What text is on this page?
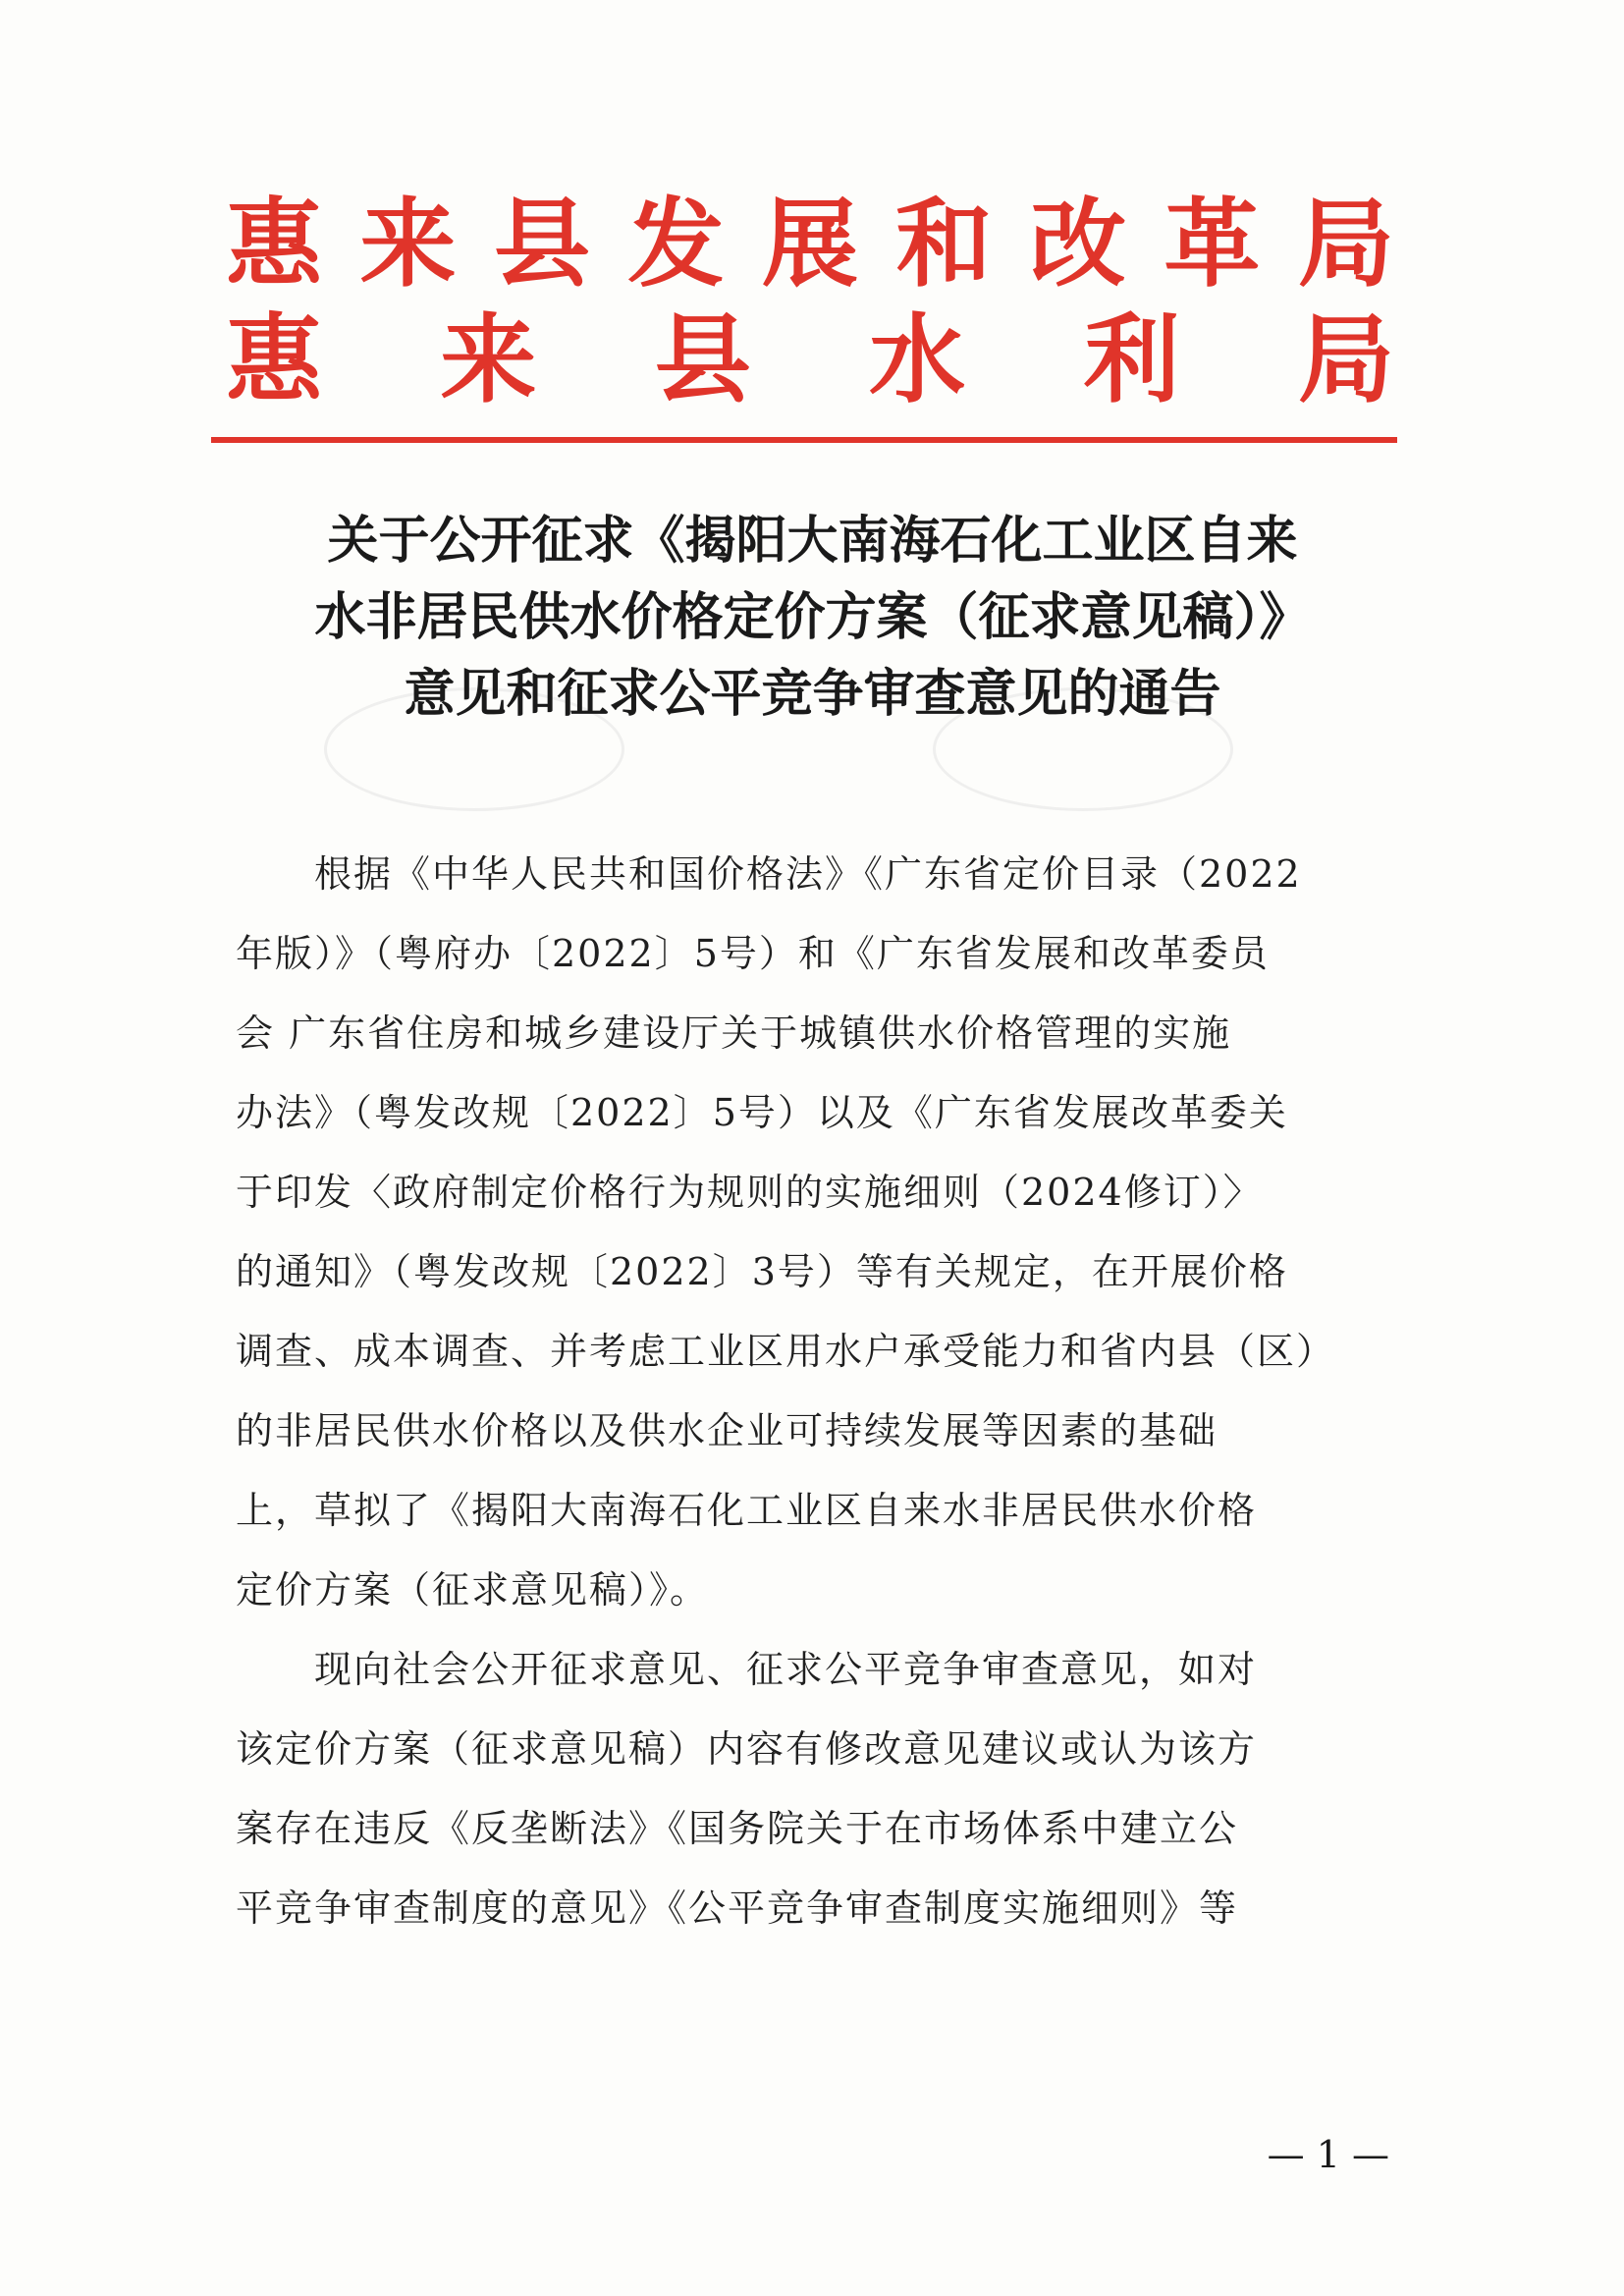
惠 来 县 发 展 和 改 革 局
惠 来 县 水 利 局
关于公开征求《揭阳大南海石化工业区自来
水非居民供水价格定价方案（征求意见稿）》
意见和征求公平竞争审查意见的通告
　　根据《中华人民共和国价格法》《广东省定价目录（2022
年版）》（粤府办〔2022〕5号）和《广东省发展和改革委员
会 广东省住房和城乡建设厅关于城镇供水价格管理的实施
办法》（粤发改规〔2022〕5号）以及《广东省发展改革委关
于印发〈政府制定价格行为规则的实施细则（2024修订）〉
的通知》（粤发改规〔2022〕3号）等有关规定，在开展价格
调查、成本调查、并考虑工业区用水户承受能力和省内县（区）
的非居民供水价格以及供水企业可持续发展等因素的基础
上，草拟了《揭阳大南海石化工业区自来水非居民供水价格
定价方案（征求意见稿）》。
　　现向社会公开征求意见、征求公平竞争审查意见，如对
该定价方案（征求意见稿）内容有修改意见建议或认为该方
案存在违反《反垄断法》《国务院关于在市场体系中建立公
平竞争审查制度的意见》《公平竞争审查制度实施细则》等
— 1 —
